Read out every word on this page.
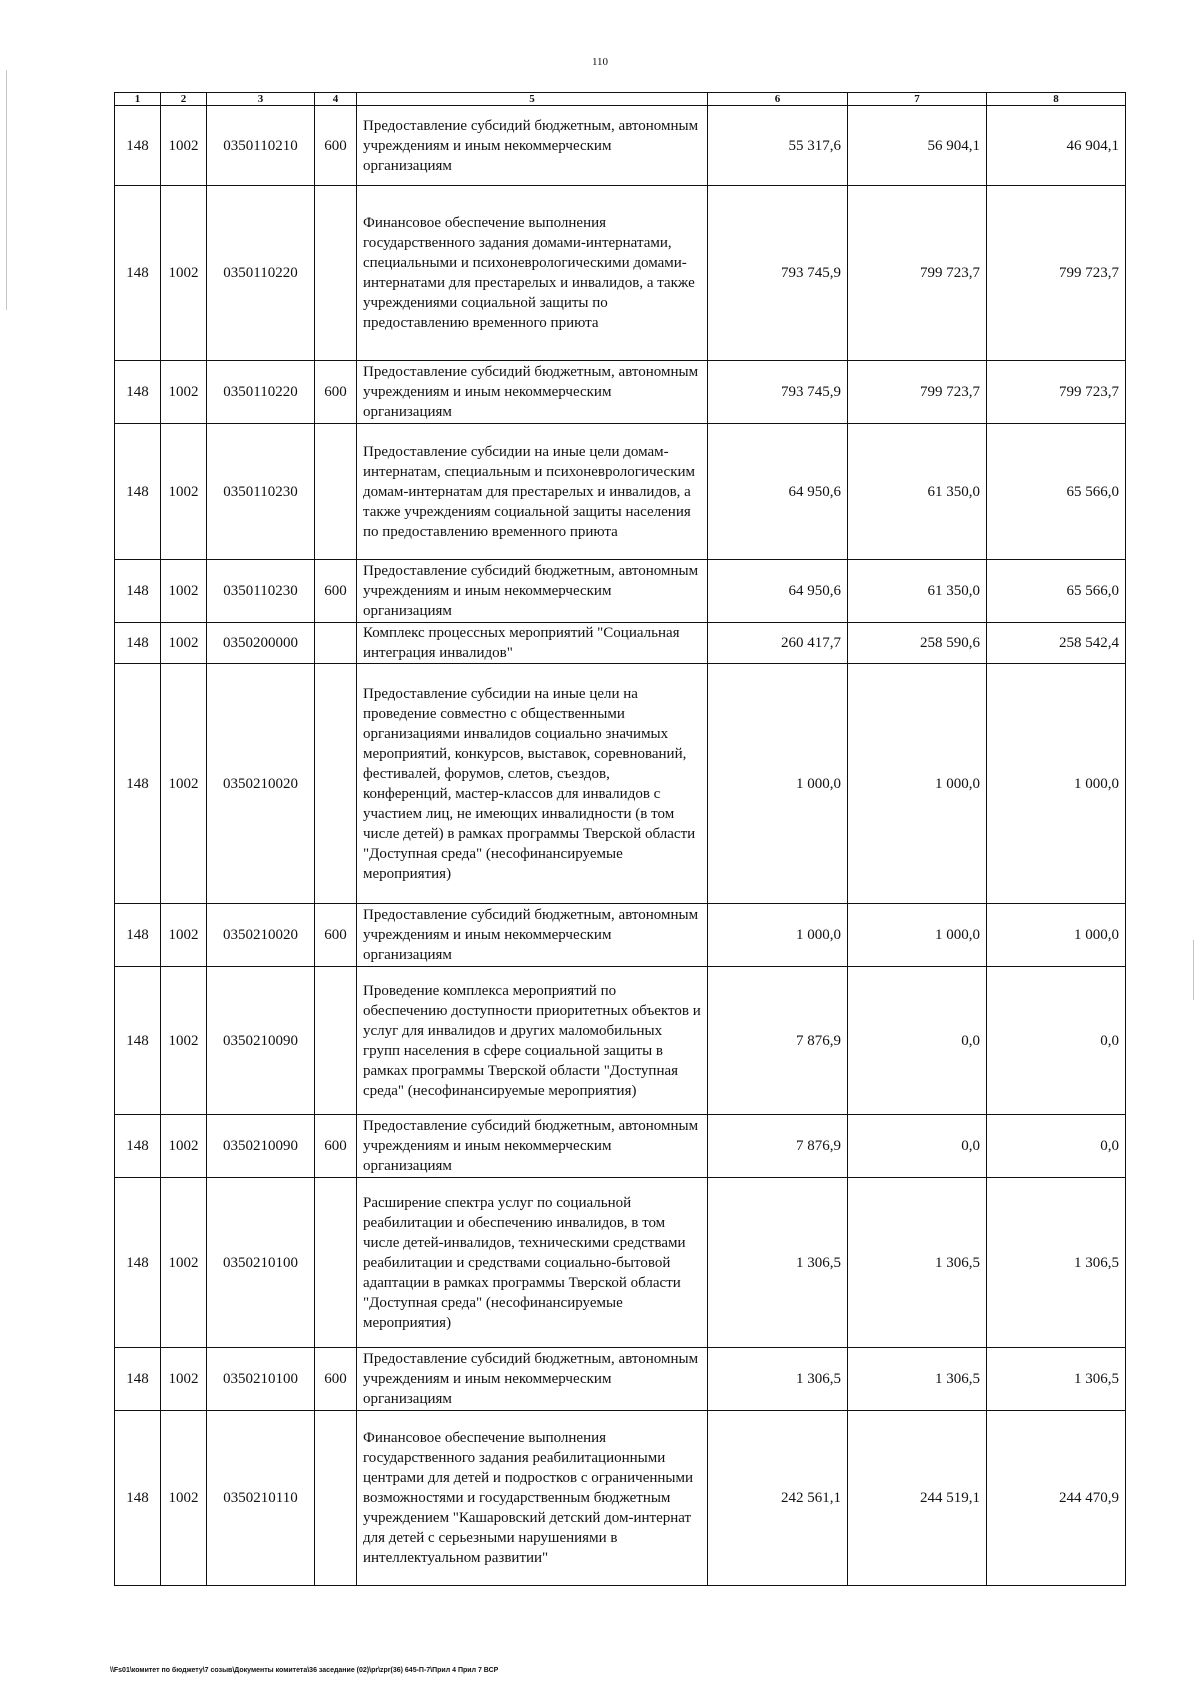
110
1	2	3	4	5	6	7	8
148	1002	0350110210	600	Предоставление субсидий бюджетным, автономным учреждениям и иным некоммерческим организациям	55 317,6	56 904,1	46 904,1
148	1002	0350110220		Финансовое обеспечение выполнения государственного задания домами-интернатами, специальными и психоневрологическими домами-интернатами для престарелых и инвалидов, а также учреждениями социальной защиты по предоставлению временного приюта	793 745,9	799 723,7	799 723,7
148	1002	0350110220	600	Предоставление субсидий бюджетным, автономным учреждениям и иным некоммерческим организациям	793 745,9	799 723,7	799 723,7
148	1002	0350110230		Предоставление субсидии на иные цели домам-интернатам, специальным и психоневрологическим домам-интернатам для престарелых и инвалидов, а также учреждениям социальной защиты населения по предоставлению временного приюта	64 950,6	61 350,0	65 566,0
148	1002	0350110230	600	Предоставление субсидий бюджетным, автономным учреждениям и иным некоммерческим организациям	64 950,6	61 350,0	65 566,0
148	1002	0350200000		Комплекс процессных мероприятий "Социальная интеграция инвалидов"	260 417,7	258 590,6	258 542,4
148	1002	0350210020		Предоставление субсидии на иные цели на проведение совместно с общественными организациями инвалидов социально значимых мероприятий, конкурсов, выставок, соревнований, фестивалей, форумов, слетов, съездов, конференций, мастер-классов для инвалидов с участием лиц, не имеющих инвалидности (в том числе детей) в рамках программы Тверской области "Доступная среда" (несофинансируемые мероприятия)	1 000,0	1 000,0	1 000,0
148	1002	0350210020	600	Предоставление субсидий бюджетным, автономным учреждениям и иным некоммерческим организациям	1 000,0	1 000,0	1 000,0
148	1002	0350210090		Проведение комплекса мероприятий по обеспечению доступности приоритетных объектов и услуг для инвалидов и других маломобильных групп населения в сфере социальной защиты в рамках программы Тверской области "Доступная среда" (несофинансируемые мероприятия)	7 876,9	0,0	0,0
148	1002	0350210090	600	Предоставление субсидий бюджетным, автономным учреждениям и иным некоммерческим организациям	7 876,9	0,0	0,0
148	1002	0350210100		Расширение спектра услуг по социальной реабилитации и обеспечению инвалидов, в том числе детей-инвалидов, техническими средствами реабилитации и средствами социально-бытовой адаптации в рамках программы Тверской области "Доступная среда" (несофинансируемые мероприятия)	1 306,5	1 306,5	1 306,5
148	1002	0350210100	600	Предоставление субсидий бюджетным, автономным учреждениям и иным некоммерческим организациям	1 306,5	1 306,5	1 306,5
148	1002	0350210110		Финансовое обеспечение выполнения государственного задания реабилитационными центрами для детей и подростков с ограниченными возможностями и государственным бюджетным учреждением "Кашаровский детский дом-интернат для детей с серьезными нарушениями в интеллектуальном развитии"	242 561,1	244 519,1	244 470,9
\\Fs01\комитет по бюджету\7 созыв\Документы комитета\36 заседание (02)\pr\zpr(36) 645-П-7\Прил 4 Прил 7 ВСР
